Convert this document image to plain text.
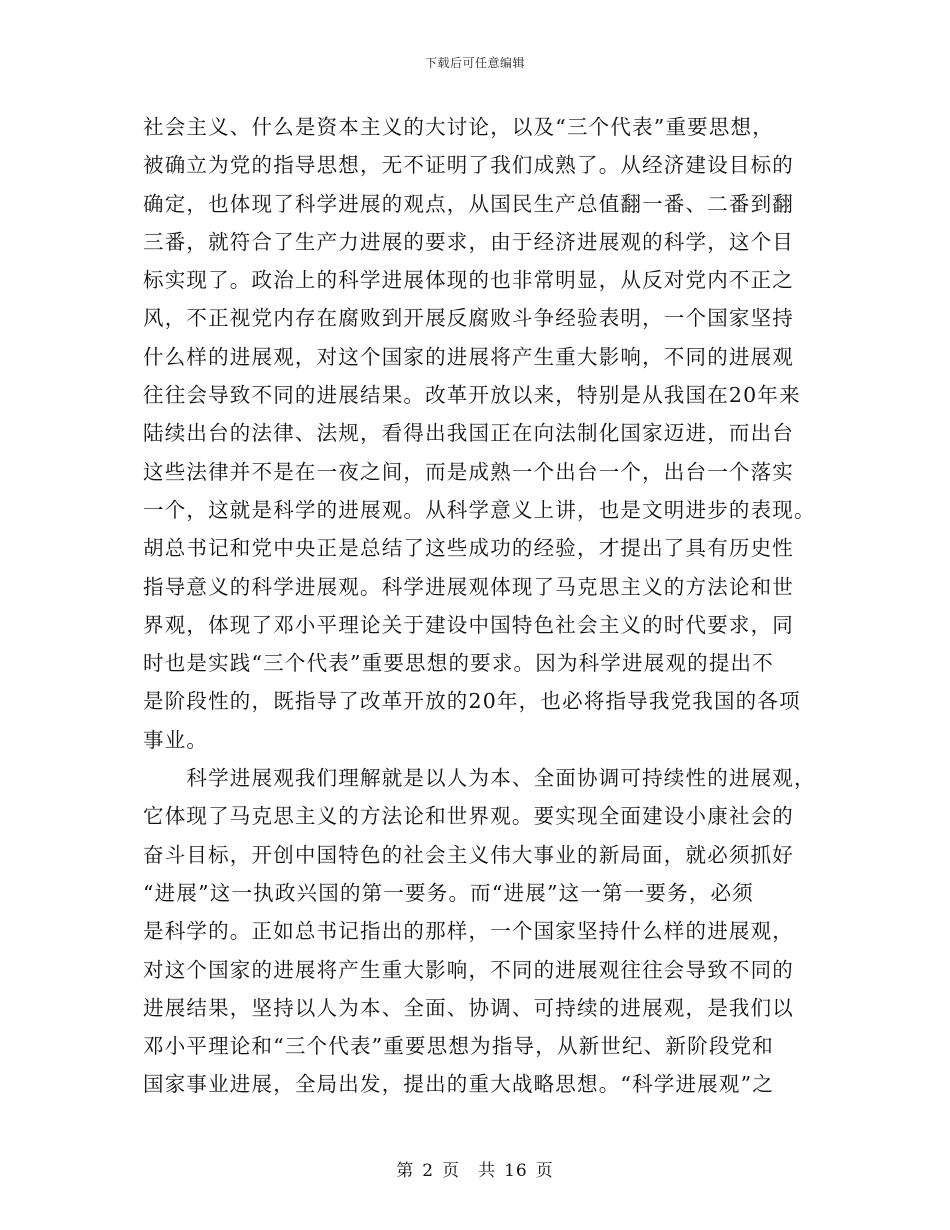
下载后可任意编辑

社会主义、什么是资本主义的大讨论，以及“三个代表”重要思想，
被确立为党的指导思想，无不证明了我们成熟了。从经济建设目标的
确定，也体现了科学进展的观点，从国民生产总值翻一番、二番到翻
三番，就符合了生产力进展的要求，由于经济进展观的科学，这个目
标实现了。政治上的科学进展体现的也非常明显，从反对党内不正之
风，不正视党内存在腐败到开展反腐败斗争经验表明，一个国家坚持
什么样的进展观，对这个国家的进展将产生重大影响，不同的进展观
往往会导致不同的进展结果。改革开放以来，特别是从我国在20年来
陆续出台的法律、法规，看得出我国正在向法制化国家迈进，而出台
这些法律并不是在一夜之间，而是成熟一个出台一个，出台一个落实
一个，这就是科学的进展观。从科学意义上讲，也是文明进步的表现。
胡总书记和党中央正是总结了这些成功的经验，才提出了具有历史性
指导意义的科学进展观。科学进展观体现了马克思主义的方法论和世
界观，体现了邓小平理论关于建设中国特色社会主义的时代要求，同
时也是实践“三个代表”重要思想的要求。因为科学进展观的提出不
是阶段性的，既指导了改革开放的20年，也必将指导我党我国的各项
事业。

　　科学进展观我们理解就是以人为本、全面协调可持续性的进展观，
它体现了马克思主义的方法论和世界观。要实现全面建设小康社会的
奋斗目标，开创中国特色的社会主义伟大事业的新局面，就必须抓好
“进展”这一执政兴国的第一要务。而“进展”这一第一要务，必须
是科学的。正如总书记指出的那样，一个国家坚持什么样的进展观，
对这个国家的进展将产生重大影响，不同的进展观往往会导致不同的
进展结果，坚持以人为本、全面、协调、可持续的进展观，是我们以
邓小平理论和“三个代表”重要思想为指导，从新世纪、新阶段党和
国家事业进展，全局出发，提出的重大战略思想。“科学进展观”之

第 2 页　共 16 页
